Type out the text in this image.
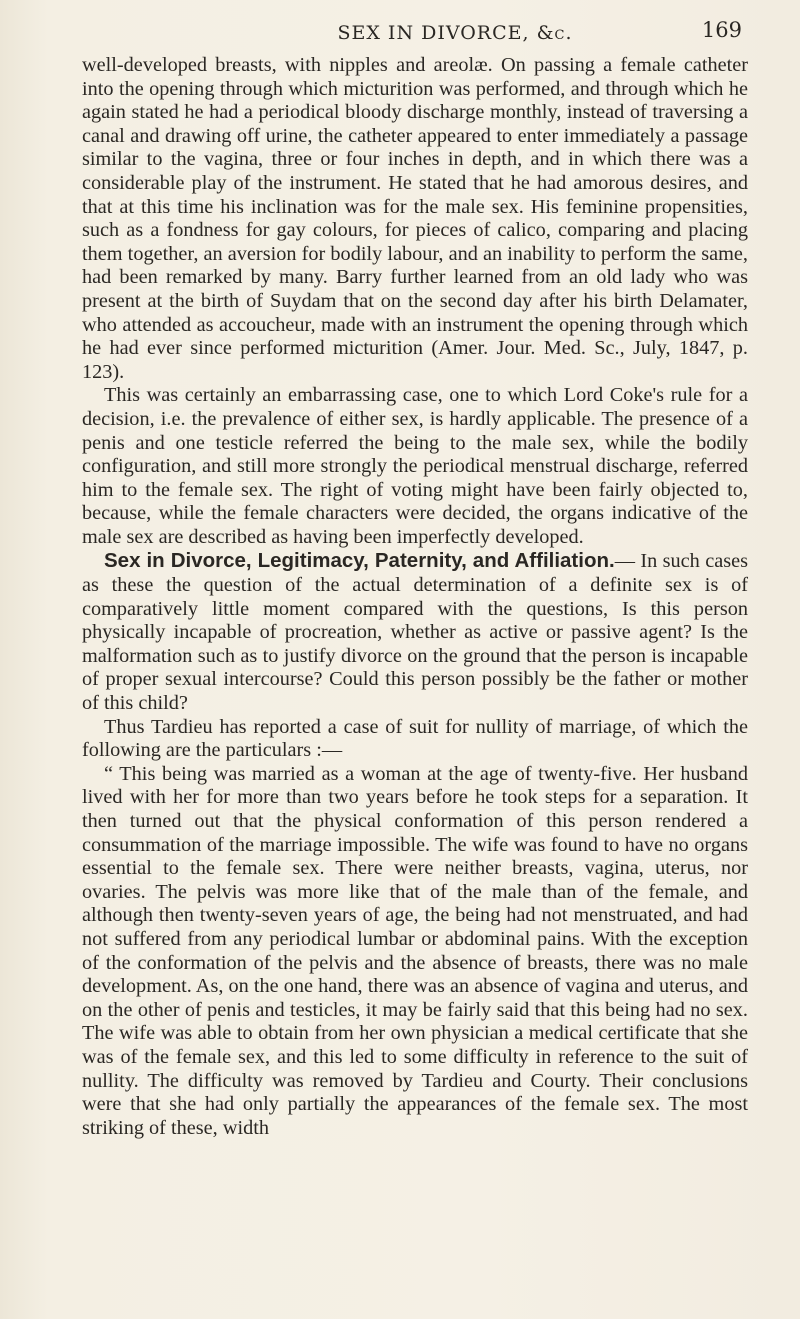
SEX IN DIVORCE, &c.	169

well-developed breasts, with nipples and areolæ. On passing a female catheter into the opening through which micturition was performed, and through which he again stated he had a periodical bloody discharge monthly, instead of traversing a canal and drawing off urine, the catheter appeared to enter immediately a passage similar to the vagina, three or four inches in depth, and in which there was a considerable play of the instrument. He stated that he had amorous desires, and that at this time his inclination was for the male sex. His feminine propensities, such as a fondness for gay colours, for pieces of calico, comparing and placing them together, an aversion for bodily labour, and an inability to perform the same, had been remarked by many. Barry further learned from an old lady who was present at the birth of Suydam that on the second day after his birth Delamater, who attended as accoucheur, made with an instrument the opening through which he had ever since performed micturition (Amer. Jour. Med. Sc., July, 1847, p. 123).

This was certainly an embarrassing case, one to which Lord Coke's rule for a decision, i.e. the prevalence of either sex, is hardly applicable. The presence of a penis and one testicle referred the being to the male sex, while the bodily configuration, and still more strongly the periodical menstrual discharge, referred him to the female sex. The right of voting might have been fairly objected to, because, while the female characters were decided, the organs indicative of the male sex are described as having been imperfectly developed.

Sex in Divorce, Legitimacy, Paternity, and Affiliation.— In such cases as these the question of the actual determination of a definite sex is of comparatively little moment compared with the questions, Is this person physically incapable of procreation, whether as active or passive agent? Is the malformation such as to justify divorce on the ground that the person is incapable of proper sexual intercourse? Could this person possibly be the father or mother of this child?

Thus Tardieu has reported a case of suit for nullity of marriage, of which the following are the particulars :—

“ This being was married as a woman at the age of twenty-five. Her husband lived with her for more than two years before he took steps for a separation. It then turned out that the physical conformation of this person rendered a consummation of the marriage impossible. The wife was found to have no organs essential to the female sex. There were neither breasts, vagina, uterus, nor ovaries. The pelvis was more like that of the male than of the female, and although then twenty-seven years of age, the being had not menstruated, and had not suffered from any periodical lumbar or abdominal pains. With the exception of the conformation of the pelvis and the absence of breasts, there was no male development. As, on the one hand, there was an absence of vagina and uterus, and on the other of penis and testicles, it may be fairly said that this being had no sex. The wife was able to obtain from her own physician a medical certificate that she was of the female sex, and this led to some difficulty in reference to the suit of nullity. The difficulty was removed by Tardieu and Courty. Their conclusions were that she had only partially the appearances of the female sex. The most striking of these, width
